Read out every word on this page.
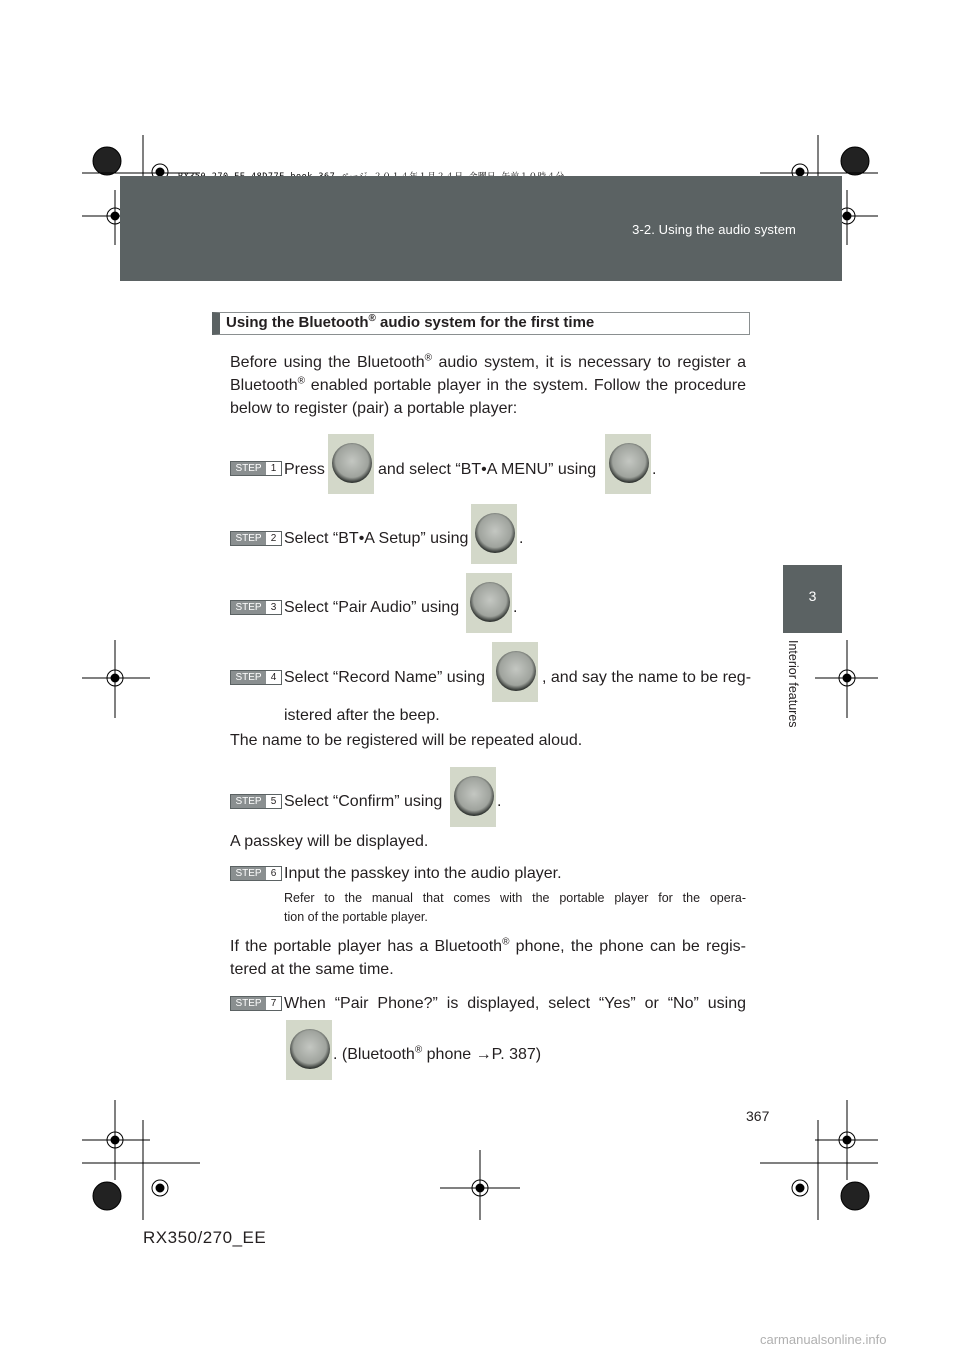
3-2. Using the audio system
3
Interior features
Using the Bluetooth® audio system for the first time
Before using the Bluetooth® audio system, it is necessary to register a
Bluetooth® enabled portable player in the system. Follow the procedure
below to register (pair) a portable player:
STEP 1 Press	and select “BT•A MENU” using	.
STEP 2 Select “BT•A Setup” using	.
STEP 3 Select “Pair Audio” using	.
STEP 4 Select “Record Name” using	, and say the name to be reg-
istered after the beep.
The name to be registered will be repeated aloud.
STEP 5 Select “Confirm” using	.
A passkey will be displayed.
STEP 6 Input the passkey into the audio player.
Refer to the manual that comes with the portable player for the opera-
tion of the portable player.
If the portable player has a Bluetooth® phone, the phone can be regis-
tered at the same time.
STEP 7 When “Pair Phone?” is displayed, select “Yes” or “No” using
. (Bluetooth® phone →P. 387)
367
RX350/270_EE
carmanualsonline.info
